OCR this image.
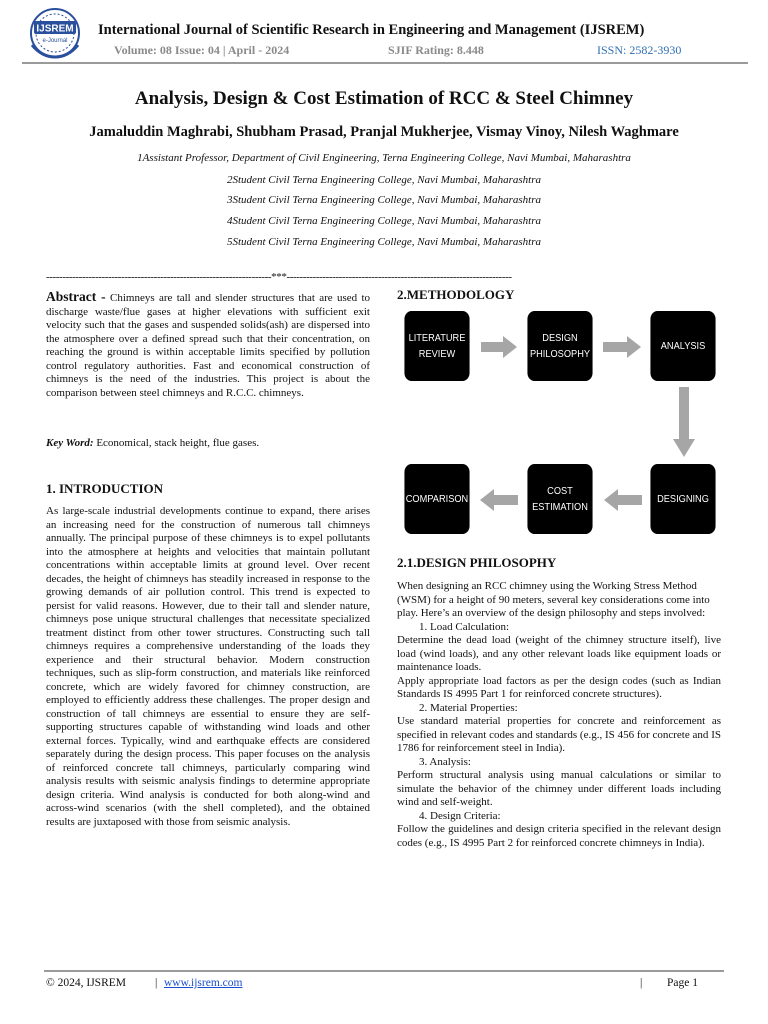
IJSREM
e-Journal
International Journal of Scientific Research in Engineering and Management (IJSREM)
Volume: 08 Issue: 04 | April - 2024	SJIF Rating: 8.448	ISSN: 2582-3930
Analysis, Design & Cost Estimation of RCC & Steel Chimney
Jamaluddin Maghrabi, Shubham Prasad, Pranjal Mukherjee, Vismay Vinoy, Nilesh Waghmare
1Assistant Professor, Department of Civil Engineering, Terna Engineering College, Navi Mumbai, Maharashtra
2Student Civil Terna Engineering College, Navi Mumbai, Maharashtra
3Student Civil Terna Engineering College, Navi Mumbai, Maharashtra
4Student Civil Terna Engineering College, Navi Mumbai, Maharashtra
5Student Civil Terna Engineering College, Navi Mumbai, Maharashtra
---------------------------------------------------------------------***---------------------------------------------------------------------
Abstract - Chimneys are tall and slender structures that are used to discharge waste/flue gases at higher elevations with sufficient exit velocity such that the gases and suspended solids(ash) are dispersed into the atmosphere over a defined spread such that their concentration, on reaching the ground is within acceptable limits specified by pollution control regulatory authorities. Fast and economical construction of chimneys is the need of the industries. This project is about the comparison between steel chimneys and R.C.C. chimneys.
Key Word: Economical, stack height, flue gases.
1. INTRODUCTION
As large-scale industrial developments continue to expand, there arises an increasing need for the construction of numerous tall chimneys annually. The principal purpose of these chimneys is to expel pollutants into the atmosphere at heights and velocities that maintain pollutant concentrations within acceptable limits at ground level. Over recent decades, the height of chimneys has steadily increased in response to the growing demands of air pollution control. This trend is expected to persist for valid reasons. However, due to their tall and slender nature, chimneys pose unique structural challenges that necessitate specialized treatment distinct from other tower structures. Constructing such tall chimneys requires a comprehensive understanding of the loads they experience and their structural behavior. Modern construction techniques, such as slip-form construction, and materials like reinforced concrete, which are widely favored for chimney construction, are employed to efficiently address these challenges. The proper design and construction of tall chimneys are essential to ensure they are self-supporting structures capable of withstanding wind loads and other external forces. Typically, wind and earthquake effects are considered separately during the design process. This paper focuses on the analysis of reinforced concrete tall chimneys, particularly comparing wind analysis results with seismic analysis findings to determine appropriate design criteria. Wind analysis is conducted for both along-wind and across-wind scenarios (with the shell completed), and the obtained results are juxtaposed with those from seismic analysis.
2.METHODOLOGY
LITERATURE
REVIEW
DESIGN
PHILOSOPHY
ANALYSIS
DESIGNING
COST
ESTIMATION
COMPARISON
2.1.DESIGN PHILOSOPHY

When designing an RCC chimney using the Working Stress Method (WSM) for a height of 90 meters, several key considerations come into play. Here’s an overview of the design philosophy and steps involved:

1. Load Calculation:

Determine the dead load (weight of the chimney structure itself), live load (wind loads), and any other relevant loads like equipment loads or maintenance loads.

Apply appropriate load factors as per the design codes (such as Indian Standards IS 4995 Part 1 for reinforced concrete structures).

2. Material Properties:

Use standard material properties for concrete and reinforcement as specified in relevant codes and standards (e.g., IS 456 for concrete and IS 1786 for reinforcement steel in India).

3. Analysis:

Perform structural analysis using manual calculations or similar to simulate the behavior of the chimney under different loads including wind and self-weight.

4. Design Criteria:

Follow the guidelines and design criteria specified in the relevant design codes (e.g., IS 4995 Part 2 for reinforced concrete chimneys in India).

© 2024, IJSREM	| www.ijsrem.com	| Page 1
